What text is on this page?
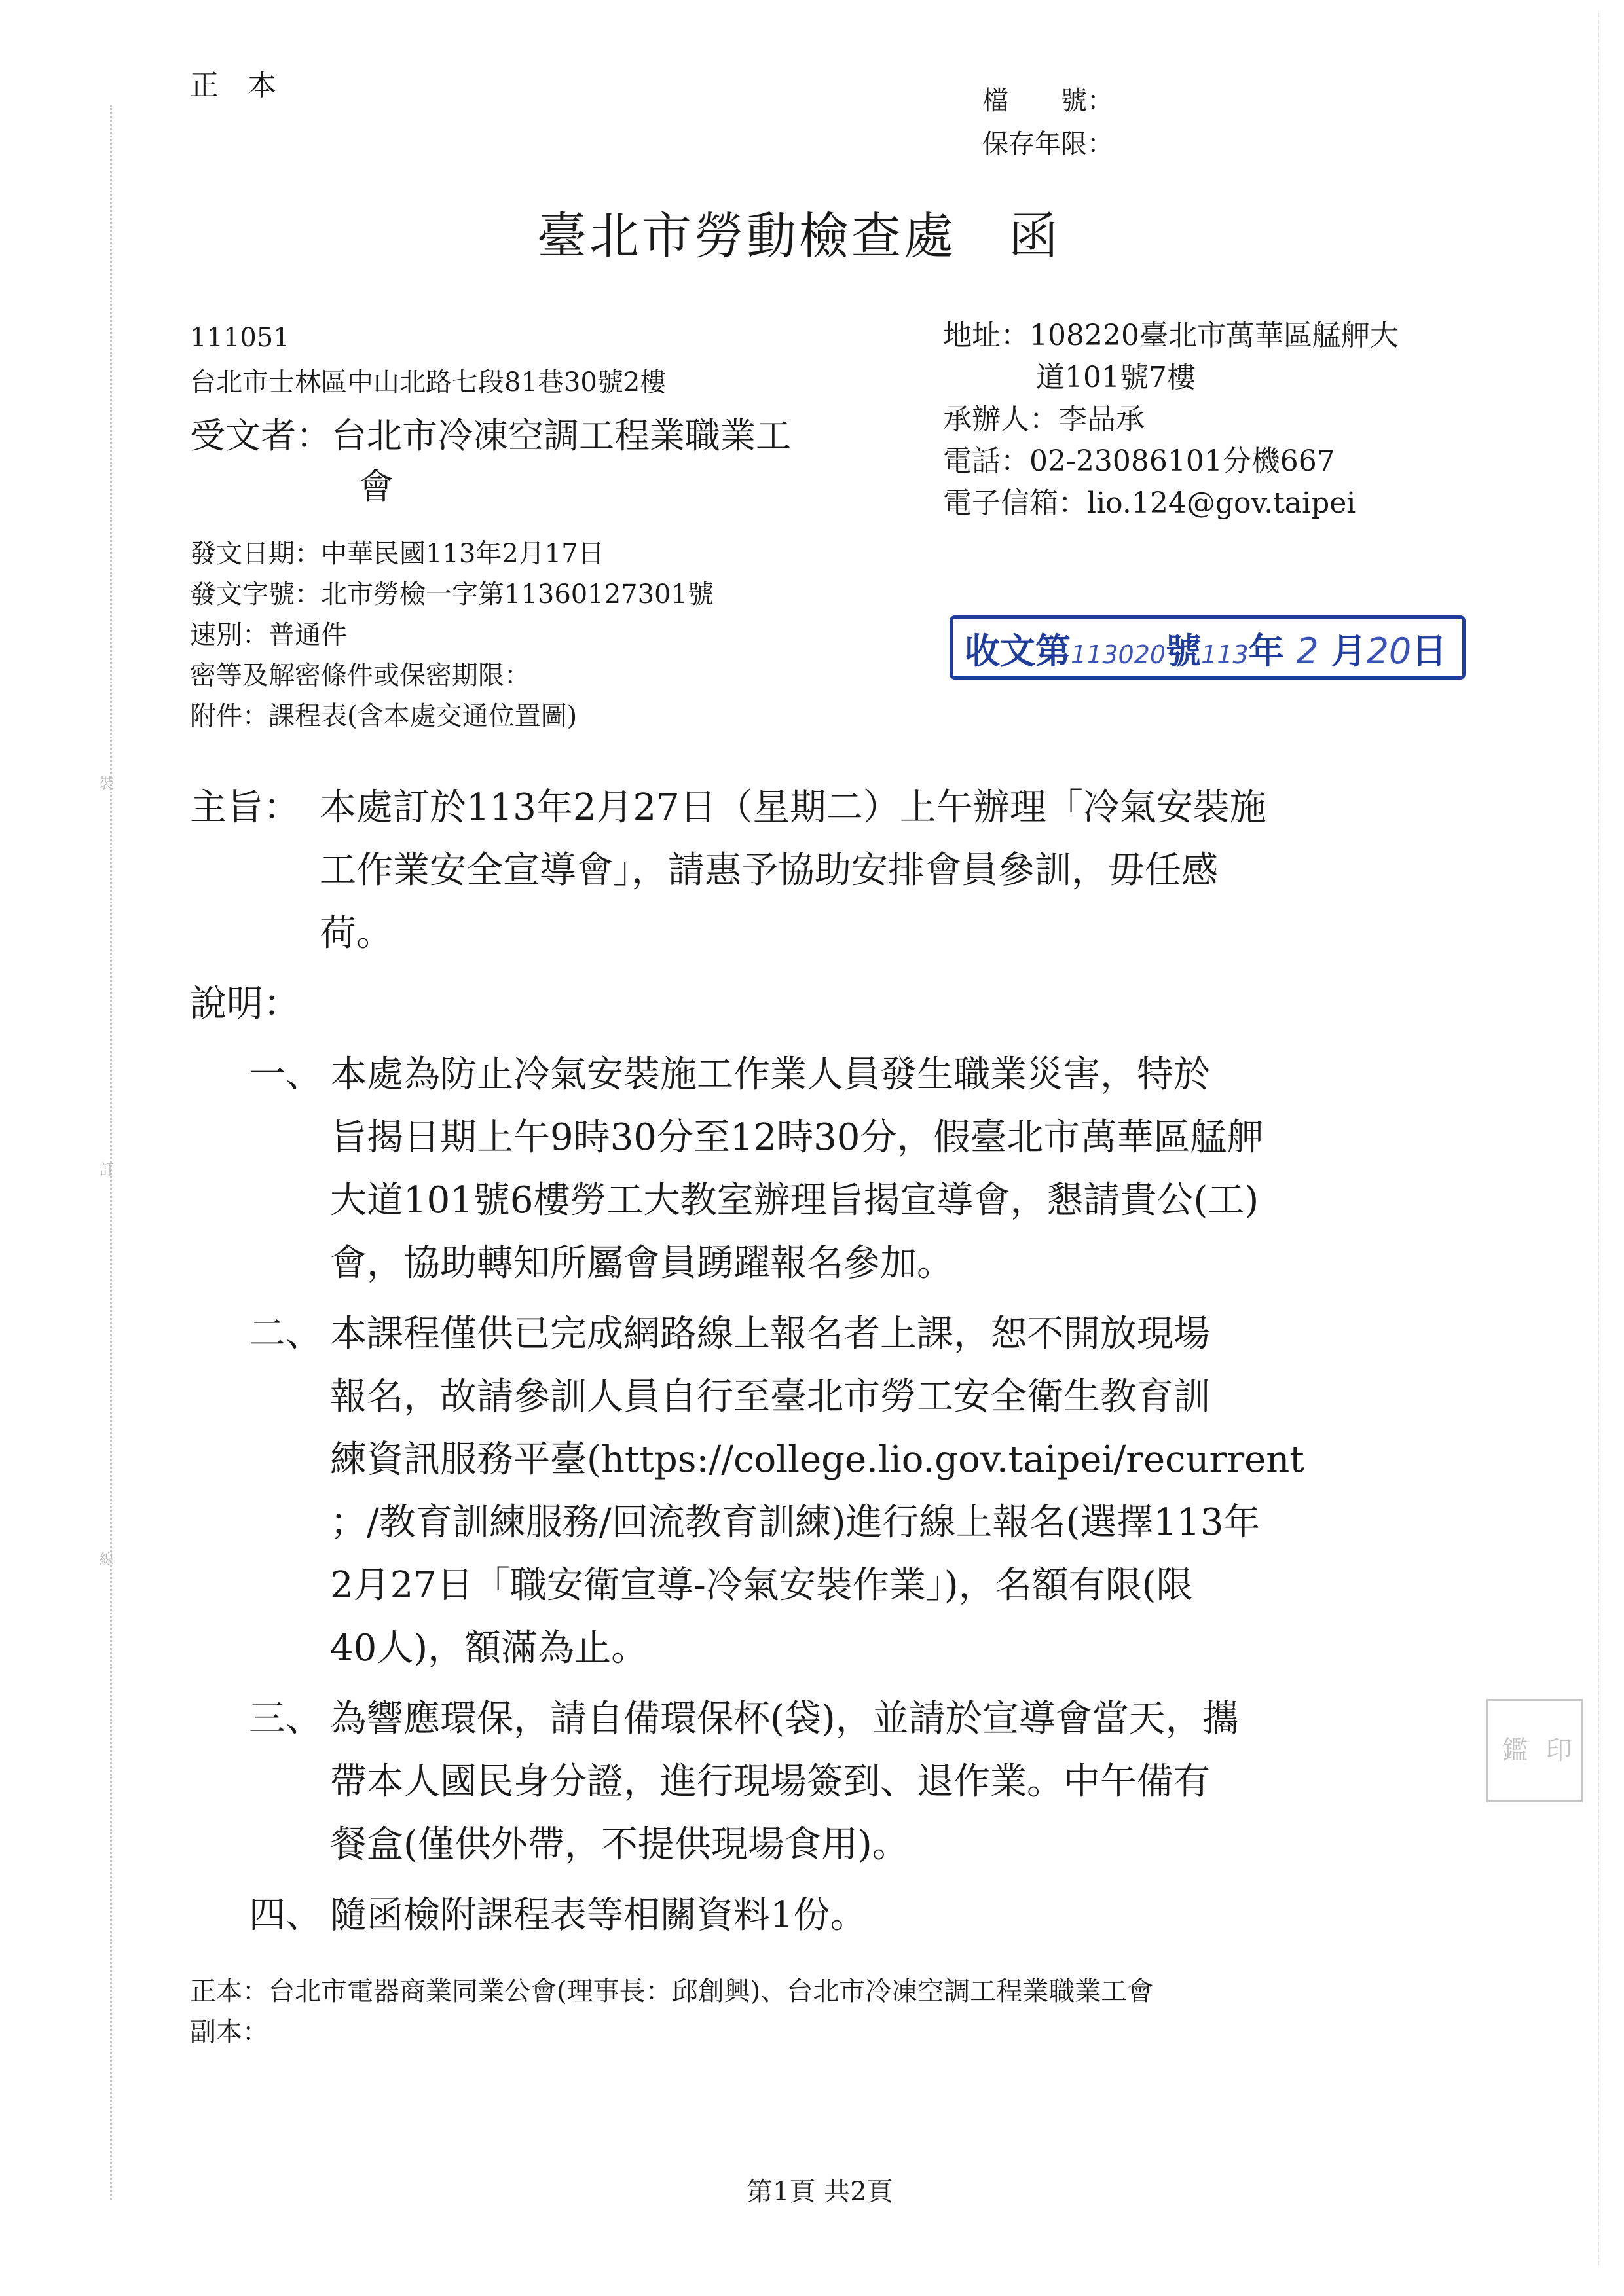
裝
訂
線
正　本	檔　　號：
保存年限：
臺北市勞動檢查處　函
111051
台北市士林區中山北路七段81巷30號2樓
受文者：台北市冷凍空調工程業職業工
會
地址：108220臺北市萬華區艋舺大
道101號7樓
承辦人：李品承
電話：02-23086101分機667
電子信箱：lio.124@gov.taipei
發文日期：中華民國113年2月17日
發文字號：北市勞檢一字第11360127301號
速別：普通件
密等及解密條件或保密期限：
附件：課程表(含本處交通位置圖)
收文第113020號113年 2 月20日
主旨： 本處訂於113年2月27日（星期二）上午辦理「冷氣安裝施
工作業安全宣導會」，請惠予協助安排會員參訓，毋任感
荷。
說明：
一、 本處為防止冷氣安裝施工作業人員發生職業災害，特於
旨揭日期上午9時30分至12時30分，假臺北市萬華區艋舺
大道101號6樓勞工大教室辦理旨揭宣導會，懇請貴公(工)
會，協助轉知所屬會員踴躍報名參加。
二、 本課程僅供已完成網路線上報名者上課，恕不開放現場
報名，故請參訓人員自行至臺北市勞工安全衛生教育訓
練資訊服務平臺(https://college.lio.gov.taipei/recurrent
；/教育訓練服務/回流教育訓練)進行線上報名(選擇113年
2月27日「職安衛宣導-冷氣安裝作業」)，名額有限(限
40人)，額滿為止。
三、 為響應環保，請自備環保杯(袋)，並請於宣導會當天，攜
帶本人國民身分證，進行現場簽到、退作業。中午備有
餐盒(僅供外帶，不提供現場食用)。
四、 隨函檢附課程表等相關資料1份。
印
鑑
正本：台北市電器商業同業公會(理事長：邱創興)、台北市冷凍空調工程業職業工會
副本：
第1頁 共2頁
